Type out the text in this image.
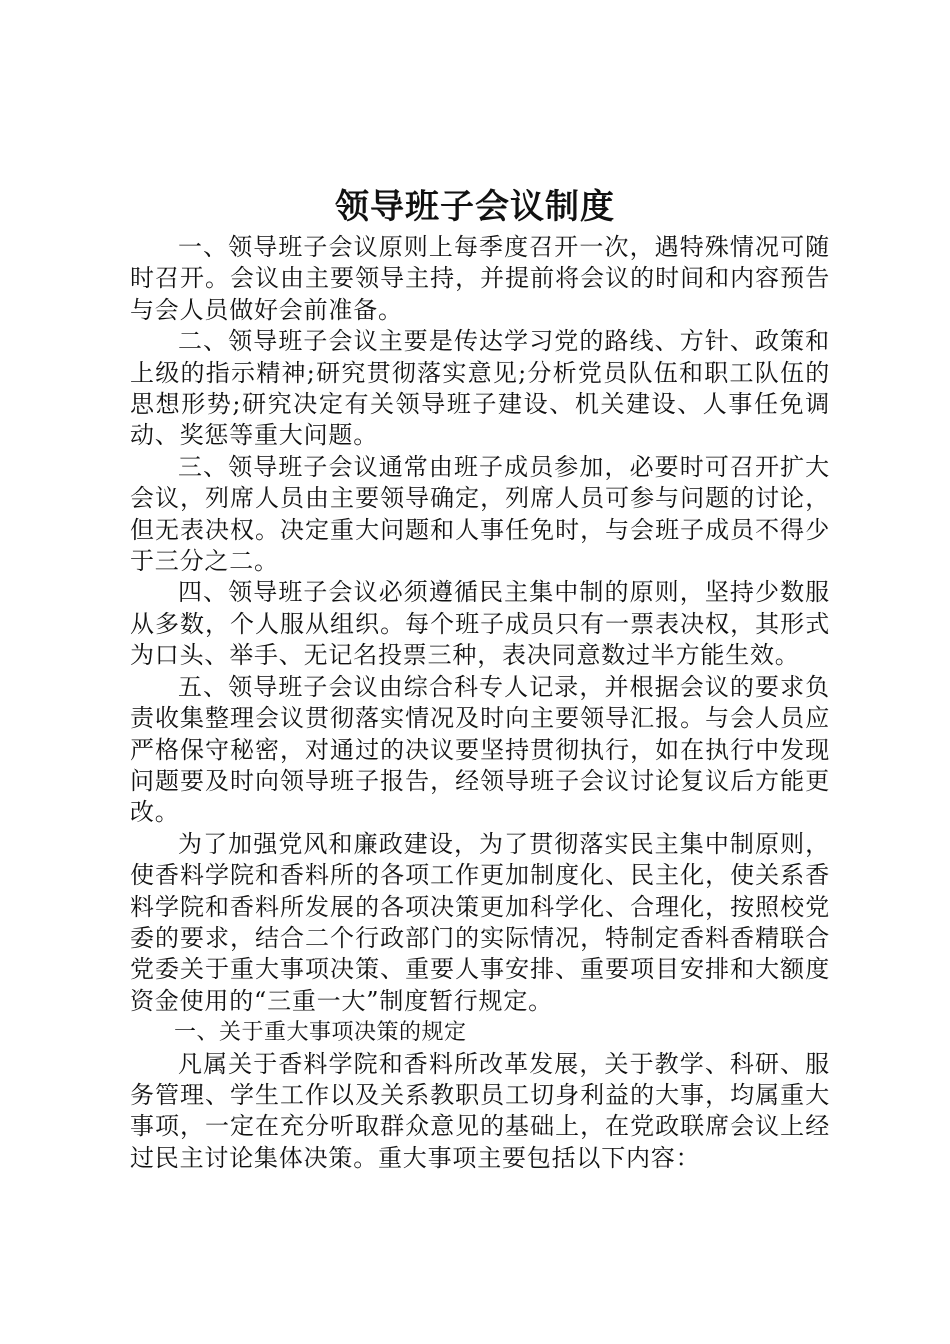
领导班子会议制度

一、领导班子会议原则上每季度召开一次，遇特殊情况可随时召开。会议由主要领导主持，并提前将会议的时间和内容预告与会人员做好会前准备。

二、领导班子会议主要是传达学习党的路线、方针、政策和上级的指示精神;研究贯彻落实意见;分析党员队伍和职工队伍的思想形势;研究决定有关领导班子建设、机关建设、人事任免调动、奖惩等重大问题。

三、领导班子会议通常由班子成员参加，必要时可召开扩大会议，列席人员由主要领导确定，列席人员可参与问题的讨论，但无表决权。决定重大问题和人事任免时，与会班子成员不得少于三分之二。

四、领导班子会议必须遵循民主集中制的原则，坚持少数服从多数，个人服从组织。每个班子成员只有一票表决权，其形式为口头、举手、无记名投票三种，表决同意数过半方能生效。

五、领导班子会议由综合科专人记录，并根据会议的要求负责收集整理会议贯彻落实情况及时向主要领导汇报。与会人员应严格保守秘密，对通过的决议要坚持贯彻执行，如在执行中发现问题要及时向领导班子报告，经领导班子会议讨论复议后方能更改。

为了加强党风和廉政建设，为了贯彻落实民主集中制原则，使香料学院和香料所的各项工作更加制度化、民主化，使关系香料学院和香料所发展的各项决策更加科学化、合理化，按照校党委的要求，结合二个行政部门的实际情况，特制定香料香精联合党委关于重大事项决策、重要人事安排、重要项目安排和大额度资金使用的“三重一大”制度暂行规定。

一、关于重大事项决策的规定

凡属关于香料学院和香料所改革发展，关于教学、科研、服务管理、学生工作以及关系教职员工切身利益的大事，均属重大事项，一定在充分听取群众意见的基础上，在党政联席会议上经过民主讨论集体决策。重大事项主要包括以下内容：
